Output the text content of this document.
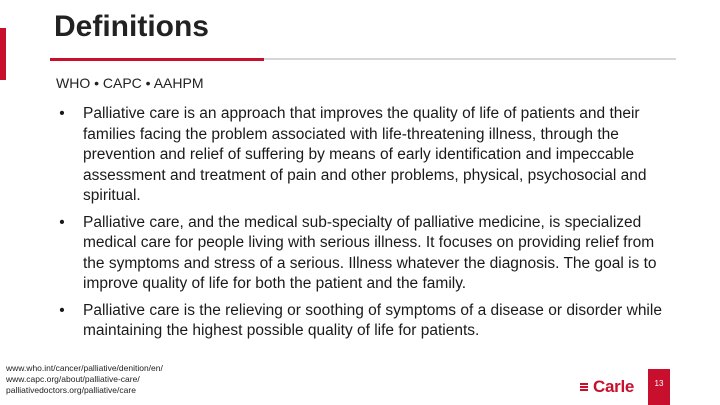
Definitions
WHO • CAPC • AAHPM
• Palliative care is an approach that improves the quality of life of patients and their families facing the problem associated with life-threatening illness, through the prevention and relief of suffering by means of early identification and impeccable assessment and treatment of pain and other problems, physical, psychosocial and spiritual.
• Palliative care, and the medical sub-specialty of palliative medicine, is specialized medical care for people living with serious illness. It focuses on providing relief from the symptoms and stress of a serious. Illness whatever the diagnosis. The goal is to improve quality of life for both the patient and the family.
• Palliative care is the relieving or soothing of symptoms of a disease or disorder while maintaining the highest possible quality of life for patients.
www.who.int/cancer/palliative/denition/en/
www.capc.org/about/palliative-care/
palliativedoctors.org/palliative/care	Carle	13
